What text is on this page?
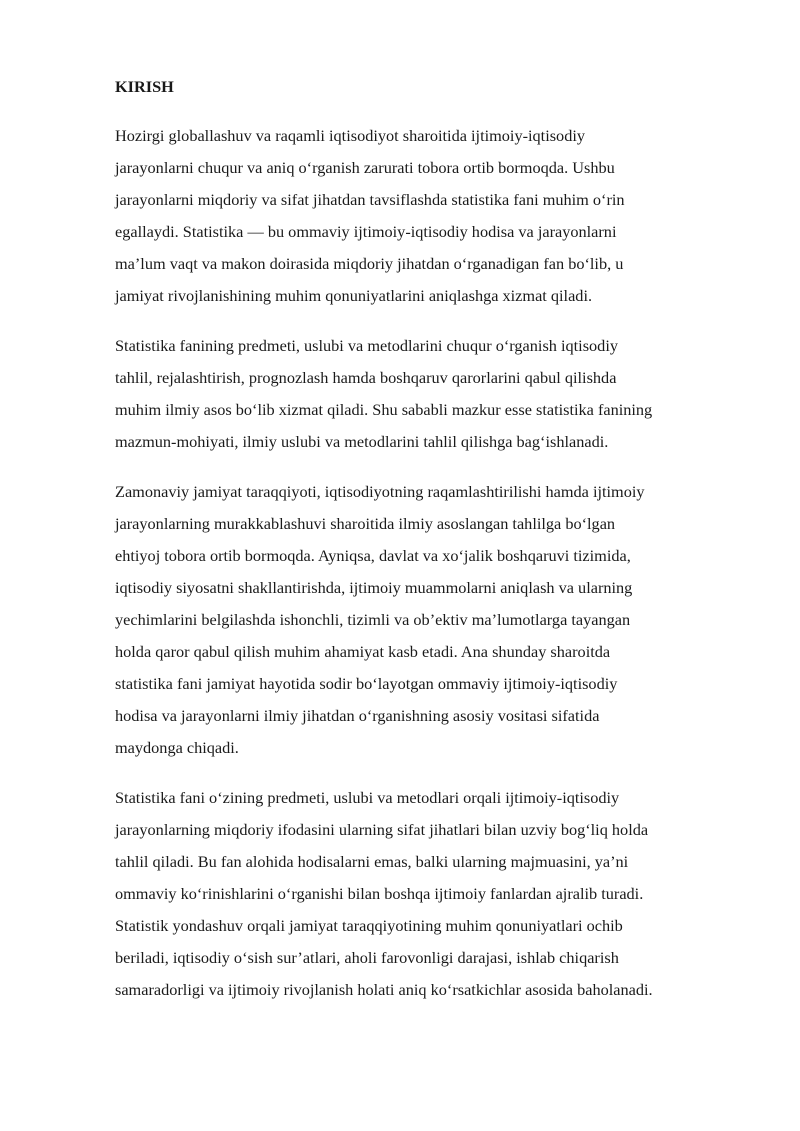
KIRISH

Hozirgi globallashuv va raqamli iqtisodiyot sharoitida ijtimoiy-iqtisodiy
jarayonlarni chuqur va aniq o‘rganish zarurati tobora ortib bormoqda. Ushbu
jarayonlarni miqdoriy va sifat jihatdan tavsiflashda statistika fani muhim o‘rin
egallaydi. Statistika — bu ommaviy ijtimoiy-iqtisodiy hodisa va jarayonlarni
ma’lum vaqt va makon doirasida miqdoriy jihatdan o‘rganadigan fan bo‘lib, u
jamiyat rivojlanishining muhim qonuniyatlarini aniqlashga xizmat qiladi.

Statistika fanining predmeti, uslubi va metodlarini chuqur o‘rganish iqtisodiy
tahlil, rejalashtirish, prognozlash hamda boshqaruv qarorlarini qabul qilishda
muhim ilmiy asos bo‘lib xizmat qiladi. Shu sababli mazkur esse statistika fanining
mazmun-mohiyati, ilmiy uslubi va metodlarini tahlil qilishga bag‘ishlanadi.

Zamonaviy jamiyat taraqqiyoti, iqtisodiyotning raqamlashtirilishi hamda ijtimoiy
jarayonlarning murakkablashuvi sharoitida ilmiy asoslangan tahlilga bo‘lgan
ehtiyoj tobora ortib bormoqda. Ayniqsa, davlat va xo‘jalik boshqaruvi tizimida,
iqtisodiy siyosatni shakllantirishda, ijtimoiy muammolarni aniqlash va ularning
yechimlarini belgilashda ishonchli, tizimli va ob’ektiv ma’lumotlarga tayangan
holda qaror qabul qilish muhim ahamiyat kasb etadi. Ana shunday sharoitda
statistika fani jamiyat hayotida sodir bo‘layotgan ommaviy ijtimoiy-iqtisodiy
hodisa va jarayonlarni ilmiy jihatdan o‘rganishning asosiy vositasi sifatida
maydonga chiqadi.

Statistika fani o‘zining predmeti, uslubi va metodlari orqali ijtimoiy-iqtisodiy
jarayonlarning miqdoriy ifodasini ularning sifat jihatlari bilan uzviy bog‘liq holda
tahlil qiladi. Bu fan alohida hodisalarni emas, balki ularning majmuasini, ya’ni
ommaviy ko‘rinishlarini o‘rganishi bilan boshqa ijtimoiy fanlardan ajralib turadi.
Statistik yondashuv orqali jamiyat taraqqiyotining muhim qonuniyatlari ochib
beriladi, iqtisodiy o‘sish sur’atlari, aholi farovonligi darajasi, ishlab chiqarish
samaradorligi va ijtimoiy rivojlanish holati aniq ko‘rsatkichlar asosida baholanadi.
